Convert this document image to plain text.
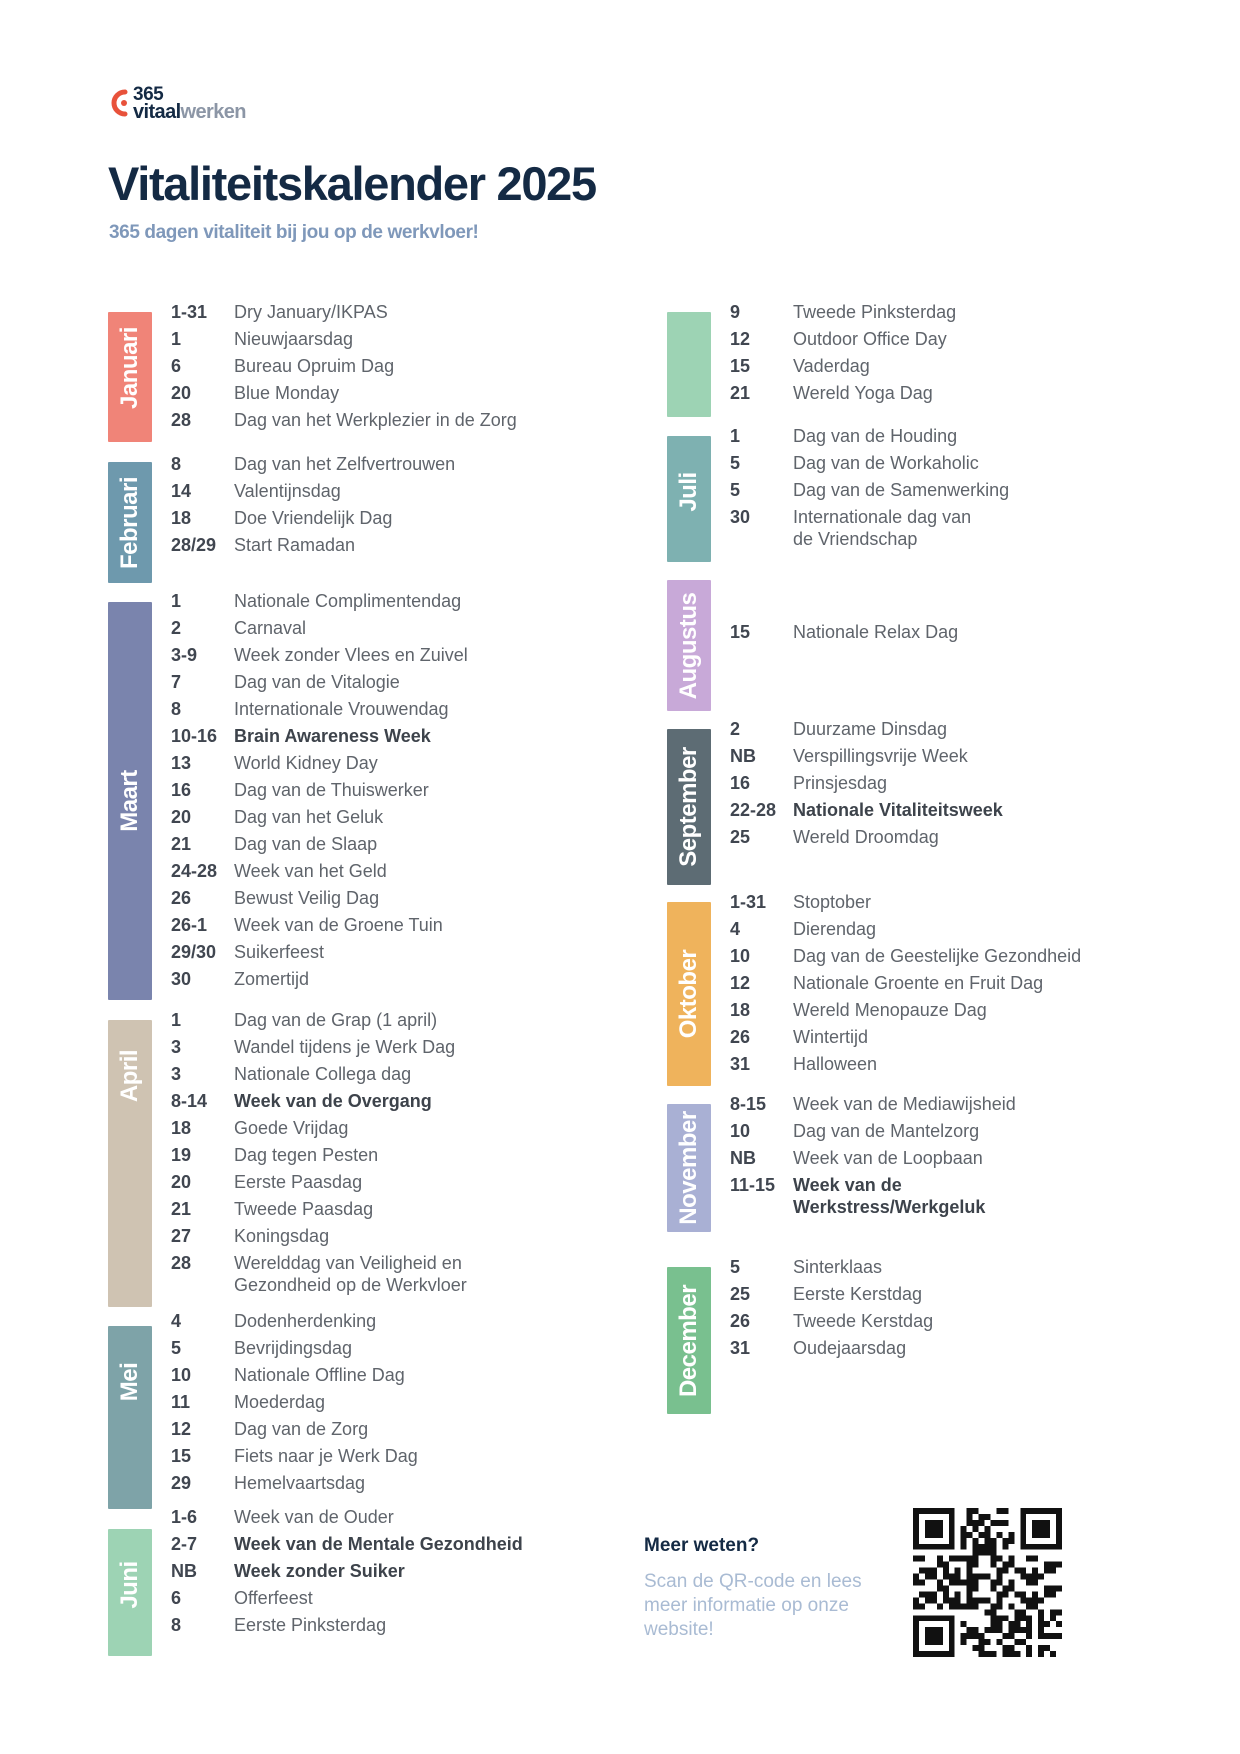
365
vitaalwerken
Vitaliteitskalender 2025

365 dagen vitaliteit bij jou op de werkvloer!

Januari
1-31 Dry January/IKPAS
1	Nieuwjaarsdag
6	Bureau Opruim Dag
20 Blue Monday
28 Dag van het Werkplezier in de Zorg
Februari
8	Dag van het Zelfvertrouwen
14 Valentijnsdag
18 Doe Vriendelijk Dag
28/29 Start Ramadan
Maart
1	Nationale Complimentendag
2	Carnaval
3-9 Week zonder Vlees en Zuivel
7	Dag van de Vitalogie
8	Internationale Vrouwendag
10-16 Brain Awareness Week
13 World Kidney Day
16 Dag van de Thuiswerker
20 Dag van het Geluk
21 Dag van de Slaap
24-28 Week van het Geld
26 Bewust Veilig Dag
26-1 Week van de Groene Tuin
29/30 Suikerfeest
30 Zomertijd
April
1	Dag van de Grap (1 april)
3	Wandel tijdens je Werk Dag
3	Nationale Collega dag
8-14 Week van de Overgang
18 Goede Vrijdag
19 Dag tegen Pesten
20 Eerste Paasdag
21 Tweede Paasdag
27 Koningsdag
28 Werelddag van Veiligheid en
Gezondheid op de Werkvloer
Mei
4	Dodenherdenking
5	Bevrijdingsdag
10 Nationale Offline Dag
11 Moederdag
12 Dag van de Zorg
15 Fiets naar je Werk Dag
29 Hemelvaartsdag
Juni
1-6 Week van de Ouder
2-7 Week van de Mentale Gezondheid
NB Week zonder Suiker
6	Offerfeest
8	Eerste Pinksterdag
9	Tweede Pinksterdag
12 Outdoor Office Day
15 Vaderdag
21 Wereld Yoga Dag
Juli
1	Dag van de Houding
5	Dag van de Workaholic
5	Dag van de Samenwerking
30 Internationale dag van
de Vriendschap
Augustus 15 Nationale Relax Dag
September
2	Duurzame Dinsdag
NB Verspillingsvrije Week
16 Prinsjesdag
22-28 Nationale Vitaliteitsweek
25 Wereld Droomdag
Oktober
1-31 Stoptober
4	Dierendag
10 Dag van de Geestelijke Gezondheid
12 Nationale Groente en Fruit Dag
18 Wereld Menopauze Dag
26 Wintertijd
31 Halloween
November
8-15 Week van de Mediawijsheid
10 Dag van de Mantelzorg
NB Week van de Loopbaan
11-15 Week van de
Werkstress/Werkgeluk
December
5	Sinterklaas
25 Eerste Kerstdag
26 Tweede Kerstdag
31 Oudejaarsdag
Meer weten?

Scan de QR-code en lees meer informatie op onze website!
